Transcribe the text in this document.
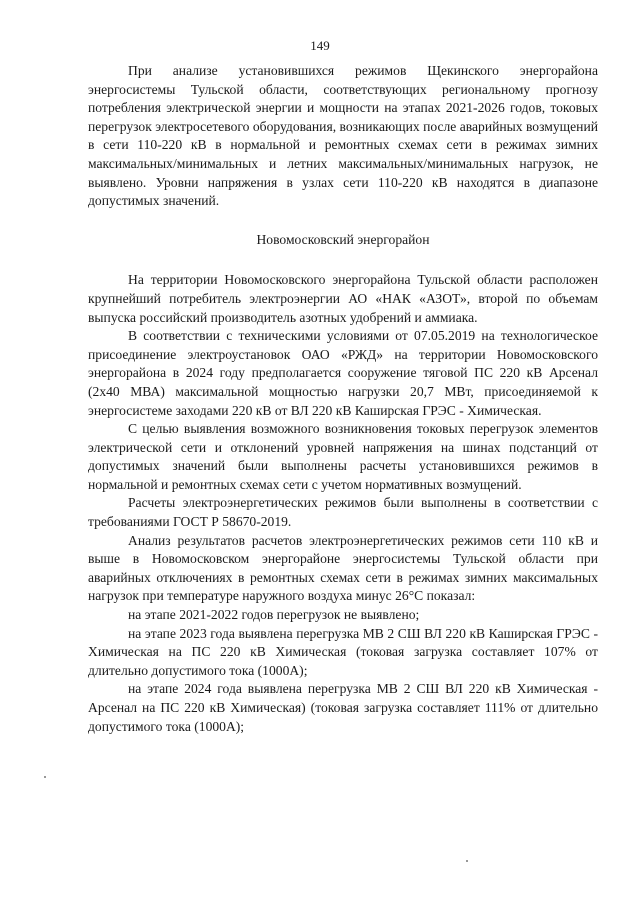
149

При анализе установившихся режимов Щекинского энергорайона энергосистемы Тульской области, соответствующих региональному прогнозу потребления электрической энергии и мощности на этапах 2021-2026 годов, токовых перегрузок электросетевого оборудования, возникающих после аварийных возмущений в сети 110-220 кВ в нормальной и ремонтных схемах сети в режимах зимних максимальных/минимальных и летних максимальных/минимальных нагрузок, не выявлено. Уровни напряжения в узлах сети 110-220 кВ находятся в диапазоне допустимых значений.

Новомосковский энергорайон

На территории Новомосковского энергорайона Тульской области расположен крупнейший потребитель электроэнергии АО «НАК «АЗОТ», второй по объемам выпуска российский производитель азотных удобрений и аммиака.

В соответствии с техническими условиями от 07.05.2019 на технологическое присоединение электроустановок ОАО «РЖД» на территории Новомосковского энергорайона в 2024 году предполагается сооружение тяговой ПС 220 кВ Арсенал (2х40 МВА) максимальной мощностью нагрузки 20,7 МВт, присоединяемой к энергосистеме заходами 220 кВ от ВЛ 220 кВ Каширская ГРЭС - Химическая.

С целью выявления возможного возникновения токовых перегрузок элементов электрической сети и отклонений уровней напряжения на шинах подстанций от допустимых значений были выполнены расчеты установившихся режимов в нормальной и ремонтных схемах сети с учетом нормативных возмущений.

Расчеты электроэнергетических режимов были выполнены в соответствии с требованиями ГОСТ Р 58670-2019.

Анализ результатов расчетов электроэнергетических режимов сети 110 кВ и выше в Новомосковском энергорайоне энергосистемы Тульской области при аварийных отключениях в ремонтных схемах сети в режимах зимних максимальных нагрузок при температуре наружного воздуха минус 26°С показал:

на этапе 2021-2022 годов перегрузок не выявлено;

на этапе 2023 года выявлена перегрузка МВ 2 СШ ВЛ 220 кВ Каширская ГРЭС - Химическая на ПС 220 кВ Химическая (токовая загрузка составляет 107% от длительно допустимого тока (1000А);

на этапе 2024 года выявлена перегрузка МВ 2 СШ ВЛ 220 кВ Химическая - Арсенал на ПС 220 кВ Химическая) (токовая загрузка составляет 111% от длительно допустимого тока (1000А);
